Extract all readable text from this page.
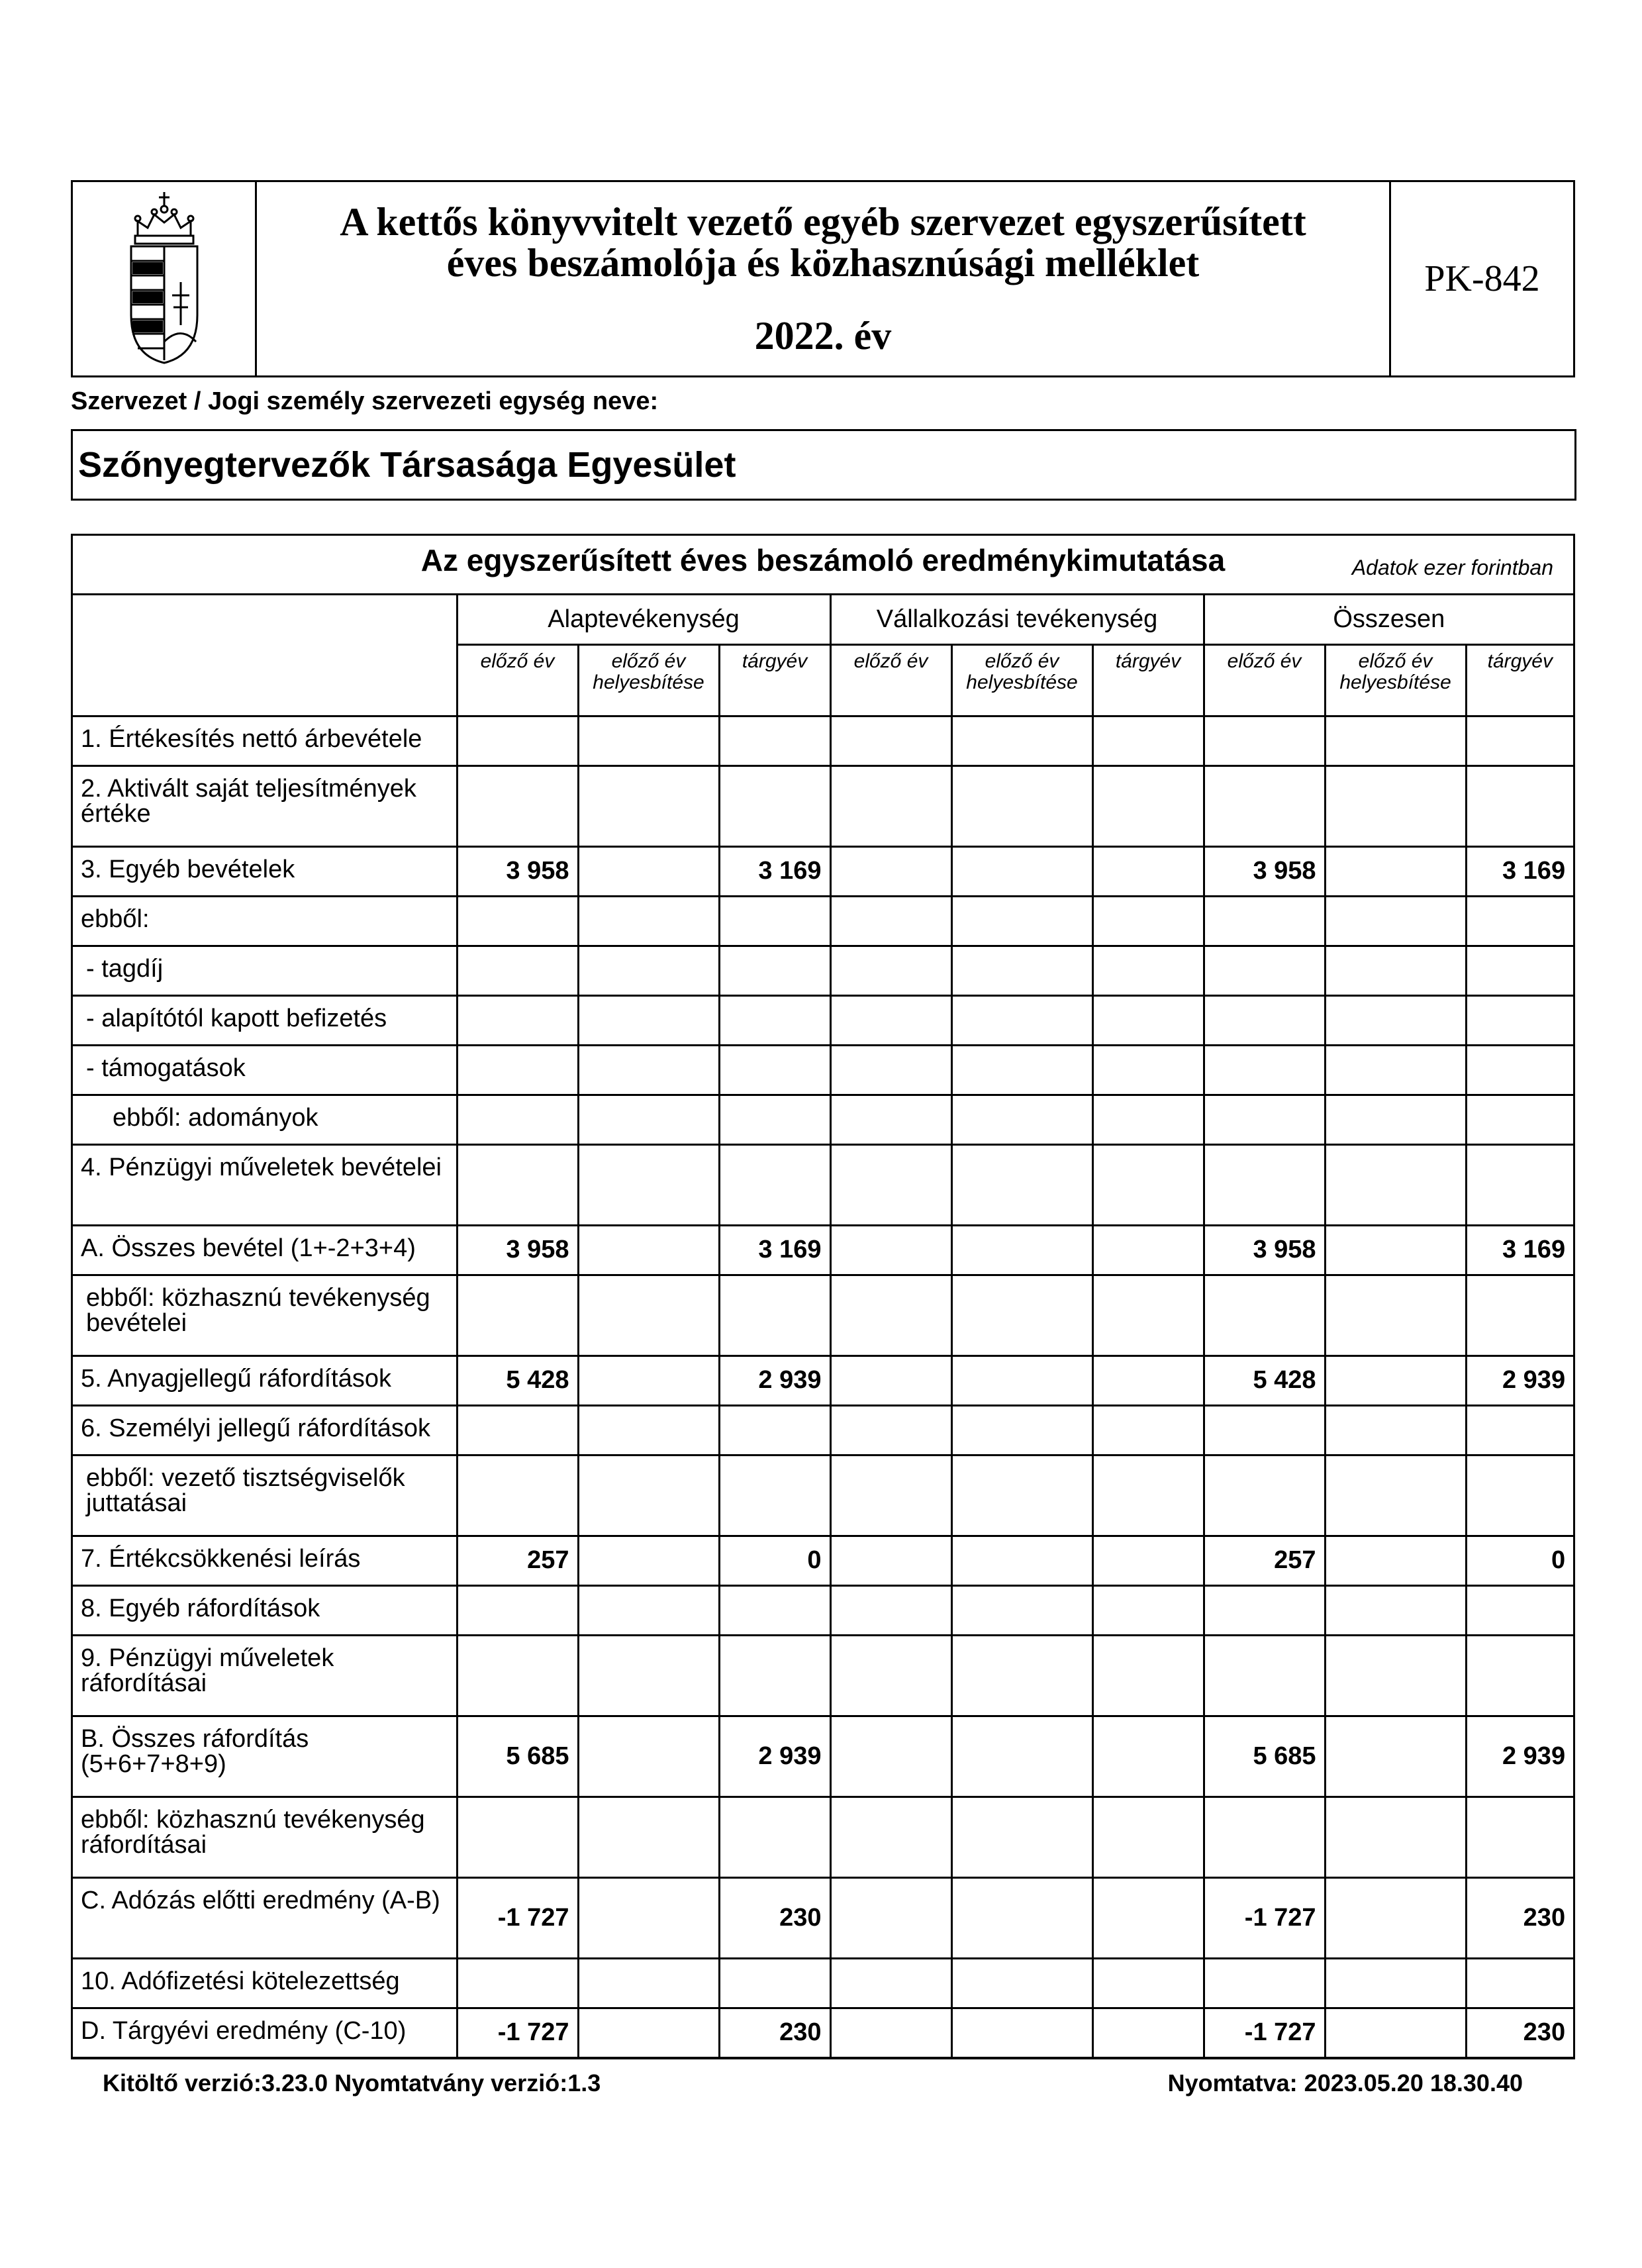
A kettős könyvvitelt vezető egyéb szervezet egyszerűsített
éves beszámolója és közhasznúsági melléklet
2022. év
PK-842
Szervezet / Jogi személy szervezeti egység neve:
Szőnyegtervezők Társasága Egyesület
Az egyszerűsített éves beszámoló eredménykimutatása	Adatok ezer forintban
	Alaptevékenység			Vállalkozási tevékenység			Összesen		
	előző év	előző év helyesbítése	tárgyév	előző év	előző év helyesbítése	tárgyév	előző év	előző év helyesbítése	tárgyév
1. Értékesítés nettó árbevétele									
2. Aktivált saját teljesítmények értéke									
3. Egyéb bevételek	3 958		3 169				3 958		3 169
ebből:									
- tagdíj									
- alapítótól kapott befizetés									
- támogatások									
ebből: adományok									
4. Pénzügyi műveletek bevételei									
A. Összes bevétel (1+-2+3+4)	3 958		3 169				3 958		3 169
ebből: közhasznú tevékenység bevételei									
5. Anyagjellegű ráfordítások	5 428		2 939				5 428		2 939
6. Személyi jellegű ráfordítások									
ebből: vezető tisztségviselők juttatásai									
7. Értékcsökkenési leírás	257		0				257		0
8. Egyéb ráfordítások									
9. Pénzügyi műveletek ráfordításai									
B. Összes ráfordítás (5+6+7+8+9)	5 685		2 939				5 685		2 939
ebből: közhasznú tevékenység ráfordításai									
C. Adózás előtti eredmény (A-B)	-1 727		230				-1 727		230
10. Adófizetési kötelezettség									
D. Tárgyévi eredmény (C-10)	-1 727		230				-1 727		230
Kitöltő verzió:3.23.0 Nyomtatvány verzió:1.3	Nyomtatva: 2023.05.20 18.30.40
